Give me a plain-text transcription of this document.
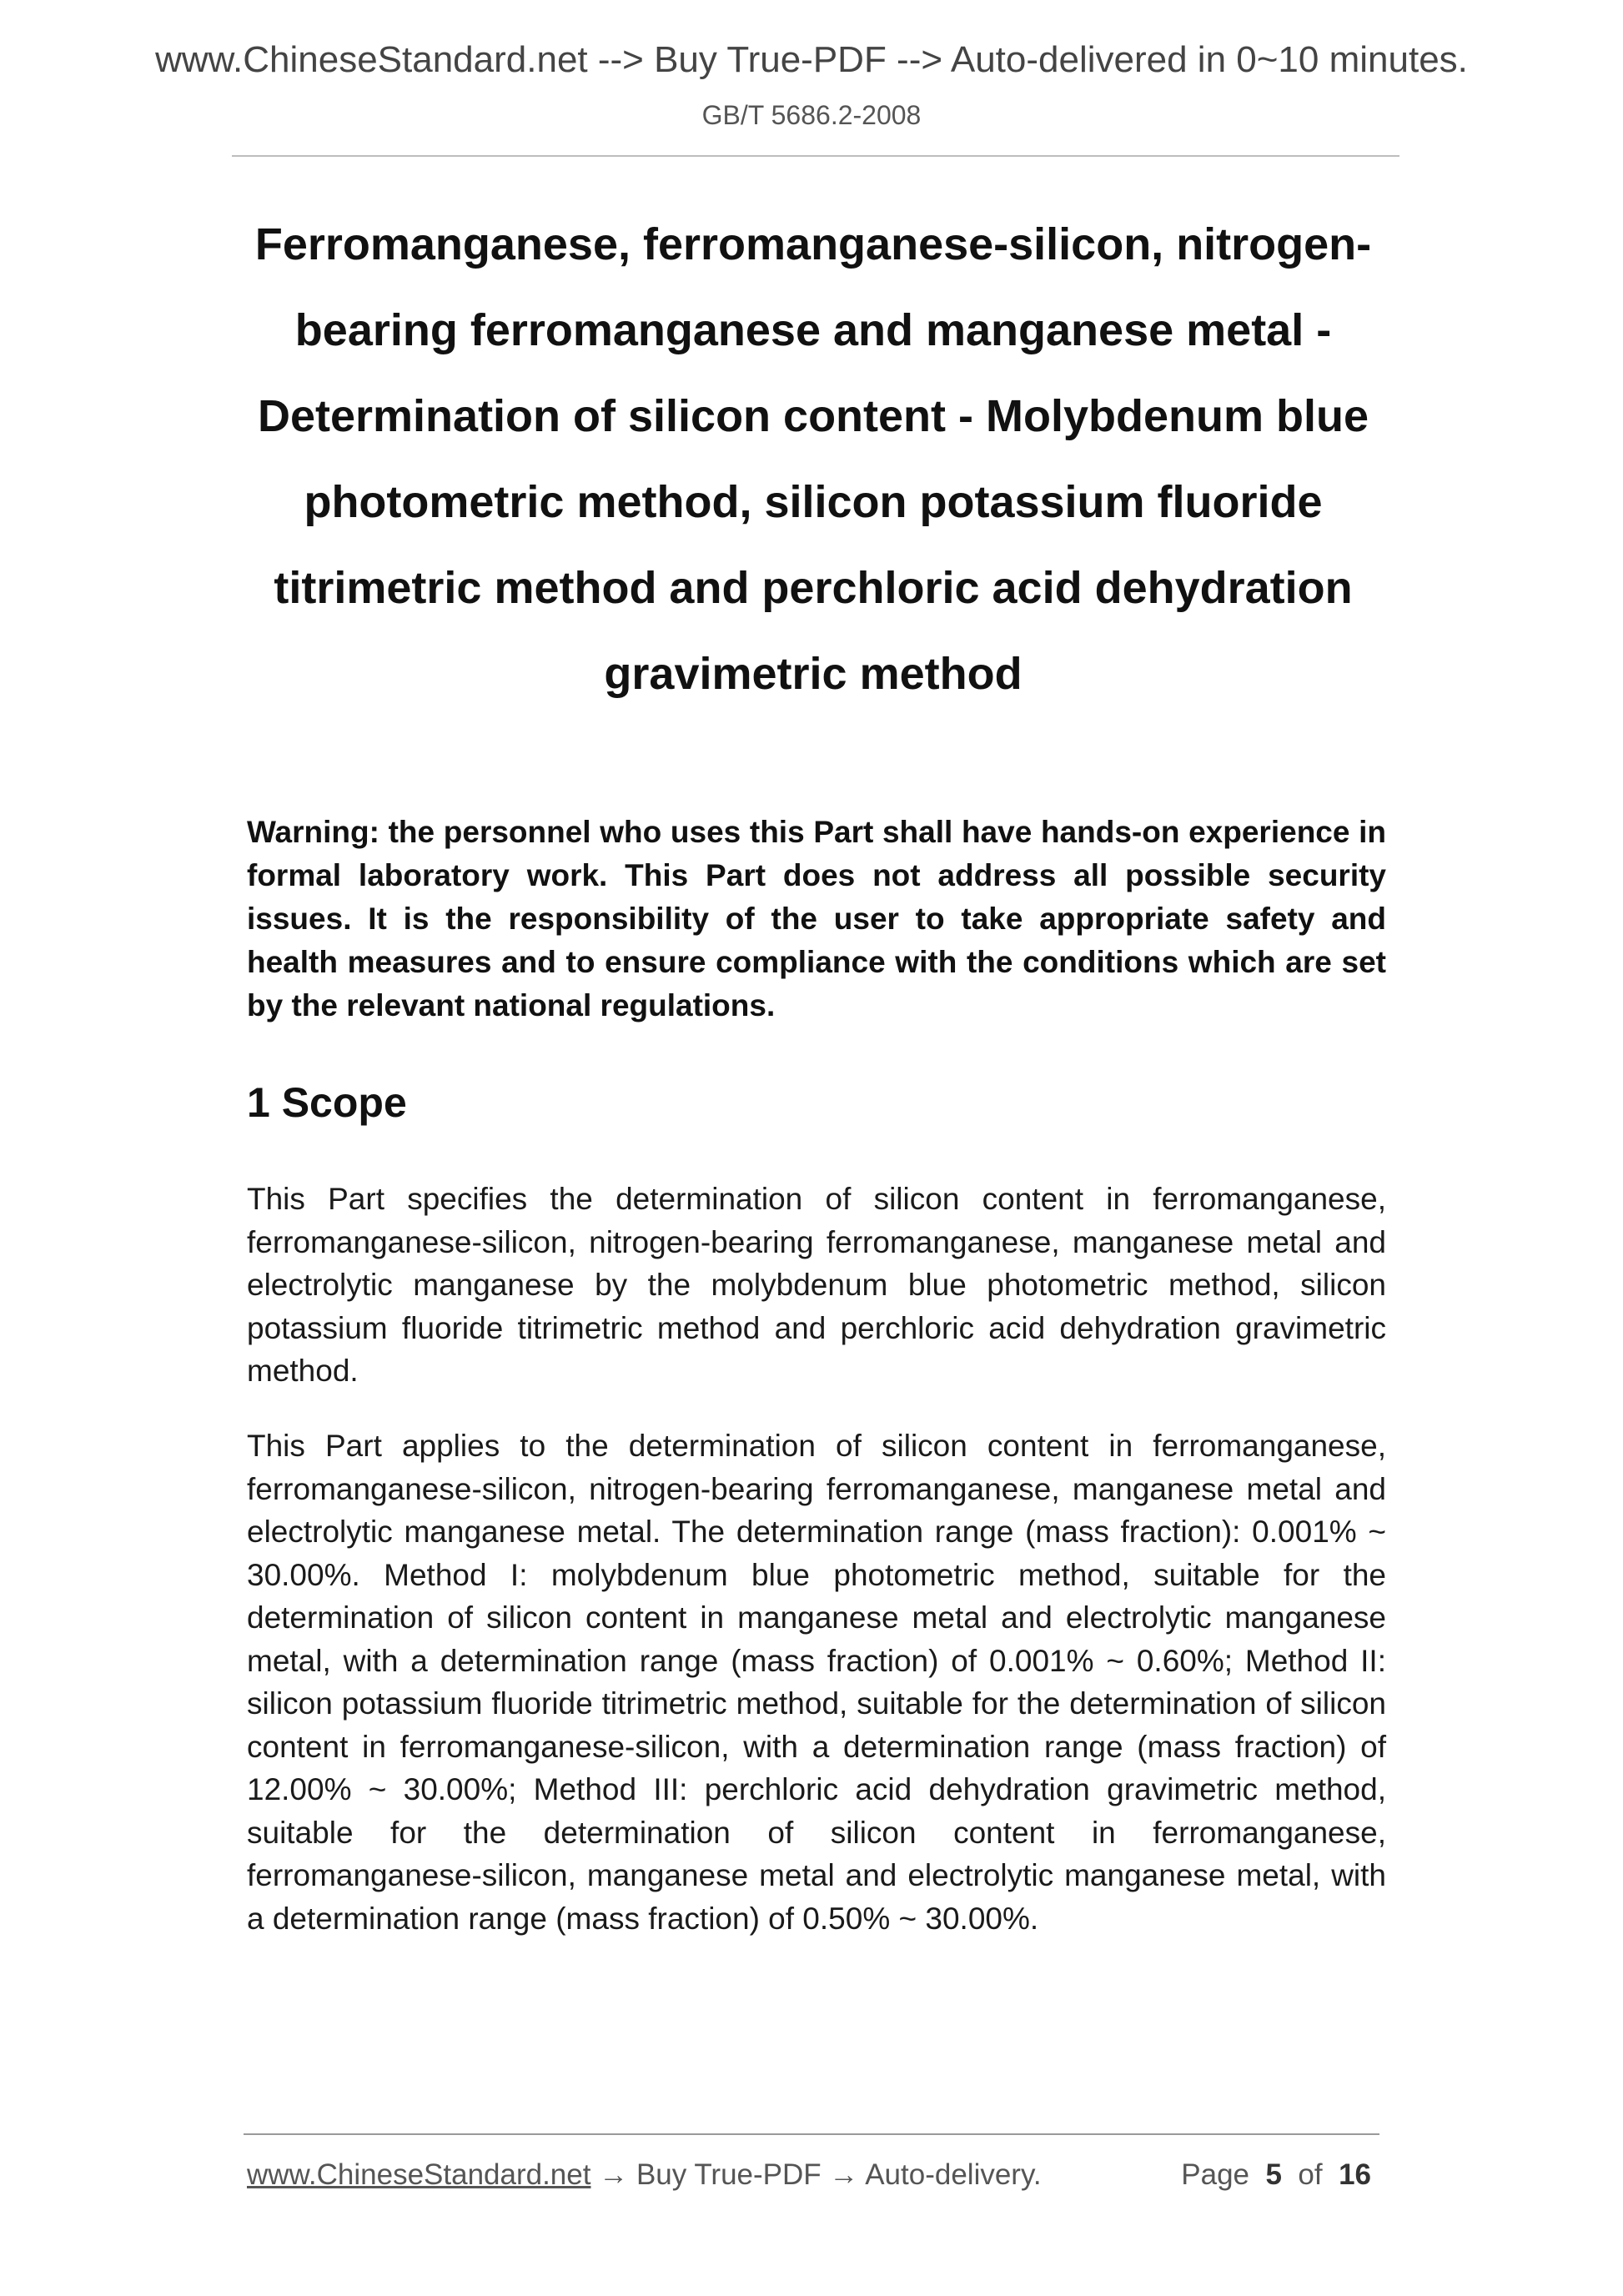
www.ChineseStandard.net --> Buy True-PDF --> Auto-delivered in 0~10 minutes.
GB/T 5686.2-2008
Ferromanganese, ferromanganese-silicon, nitrogen-bearing ferromanganese and manganese metal - Determination of silicon content - Molybdenum blue photometric method, silicon potassium fluoride titrimetric method and perchloric acid dehydration gravimetric method
Warning: the personnel who uses this Part shall have hands-on experience in formal laboratory work. This Part does not address all possible security issues. It is the responsibility of the user to take appropriate safety and health measures and to ensure compliance with the conditions which are set by the relevant national regulations.
1 Scope
This Part specifies the determination of silicon content in ferromanganese, ferromanganese-silicon, nitrogen-bearing ferromanganese, manganese metal and electrolytic manganese by the molybdenum blue photometric method, silicon potassium fluoride titrimetric method and perchloric acid dehydration gravimetric method.
This Part applies to the determination of silicon content in ferromanganese, ferromanganese-silicon, nitrogen-bearing ferromanganese, manganese metal and electrolytic manganese metal. The determination range (mass fraction): 0.001% ~ 30.00%. Method I: molybdenum blue photometric method, suitable for the determination of silicon content in manganese metal and electrolytic manganese metal, with a determination range (mass fraction) of 0.001% ~ 0.60%; Method II: silicon potassium fluoride titrimetric method, suitable for the determination of silicon content in ferromanganese-silicon, with a determination range (mass fraction) of 12.00% ~ 30.00%; Method III: perchloric acid dehydration gravimetric method, suitable for the determination of silicon content in ferromanganese, ferromanganese-silicon, manganese metal and electrolytic manganese metal, with a determination range (mass fraction) of 0.50% ~ 30.00%.
www.ChineseStandard.net → Buy True-PDF → Auto-delivery.	Page 5 of 16
